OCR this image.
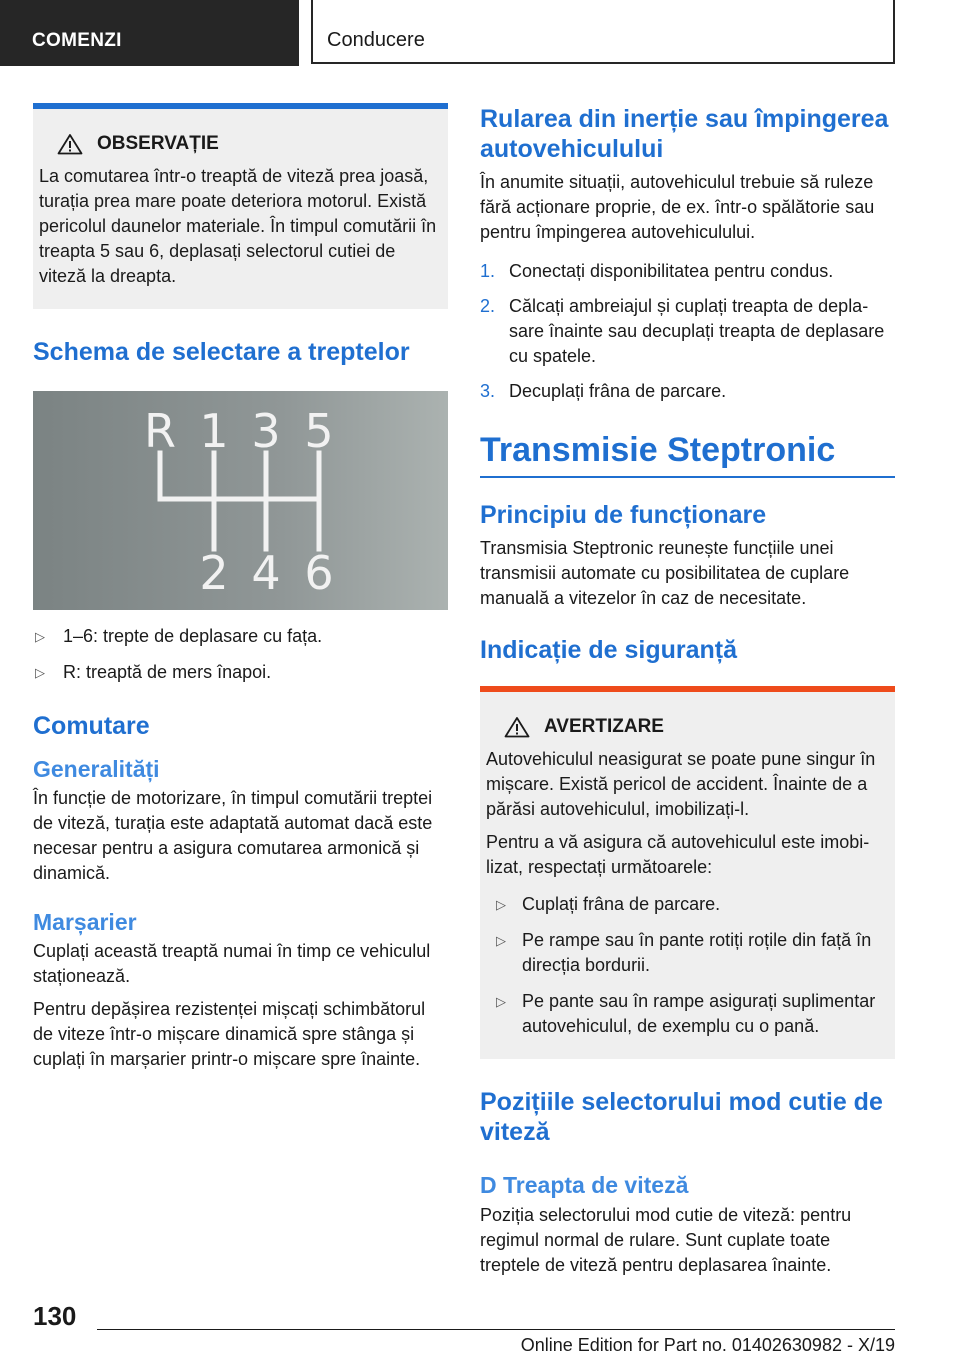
COMENZI	Conducere
OBSERVAȚIE

La comutarea într-o treaptă de viteză prea joasă, turația prea mare poate deteriora motorul. Există pericolul daunelor materiale. În timpul comutării în treapta 5 sau 6, deplasați selectorul cutiei de viteză la dreapta.

Schema de selectare a treptelor
R 1 3 5
2 4 6
▷ 1–6: trepte de deplasare cu fața.
▷ R: treaptă de mers înapoi.
Comutare
Generalități

În funcție de motorizare, în timpul comutării treptei de viteză, turația este adaptată automat dacă este necesar pentru a asigura comutarea armonică și dinamică.

Marșarier

Cuplați această treaptă numai în timp ce vehiculul staționează.

Pentru depășirea rezistenței mișcați schimbătorul de viteze într-o mișcare dinamică spre stânga și cuplați în marșarier printr-o mișcare spre înainte.

Rularea din inerție sau împingerea autovehiculului

În anumite situații, autovehiculul trebuie să ruleze fără acționare proprie, de ex. într-o spălătorie sau pentru împingerea autovehiculului.

1. Conectați disponibilitatea pentru condus.
2. Călcați ambreiajul și cuplați treapta de deplasare înainte sau decuplați treapta de deplasare cu spatele.
3. Decuplați frâna de parcare.
Transmisie Steptronic
Principiu de funcționare

Transmisia Steptronic reunește funcțiile unei transmisii automate cu posibilitatea de cuplare manuală a vitezelor în caz de necesitate.

Indicație de siguranță
AVERTIZARE

Autovehiculul neasigurat se poate pune singur în mișcare. Există pericol de accident. Înainte de a părăsi autovehiculul, imobilizați-l.

Pentru a vă asigura că autovehiculul este imobilizat, respectați următoarele:

▷ Cuplați frâna de parcare.
▷ Pe rampe sau în pante rotiți roțile din față în direcția bordurii.
▷ Pe pante sau în rampe asigurați suplimentar autovehiculul, de exemplu cu o pană.
Pozițiile selectorului mod cutie de viteză
D Treapta de viteză

Poziția selectorului mod cutie de viteză: pentru regimul normal de rulare. Sunt cuplate toate treptele de viteză pentru deplasarea înainte.

130
Online Edition for Part no. 01402630982 - X/19
